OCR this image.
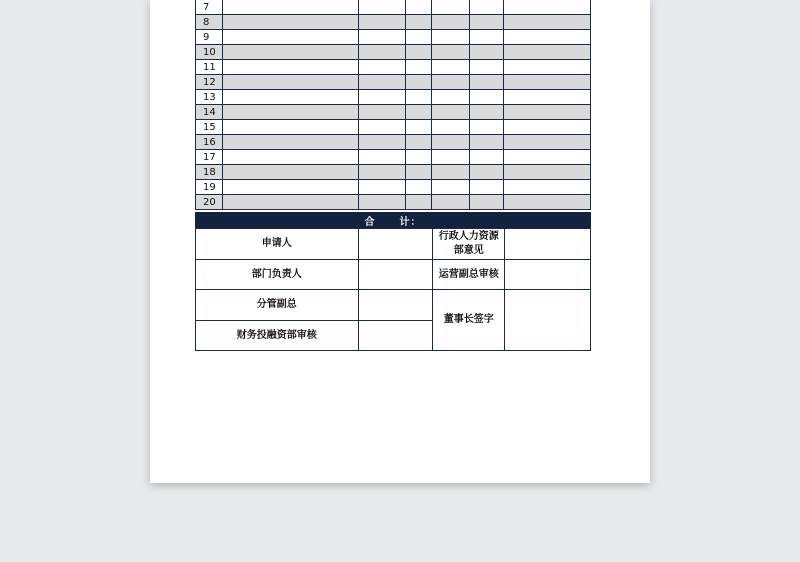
7						
8						
9						
10						
11						
12						
13						
14						
15						
16						
17						
18						
19						
20						
合 计：
申请人		行政人力资源
部意见	

部门负责人		运营副总审核	
分管副总		董事长签字	
财务投融资部审核			
